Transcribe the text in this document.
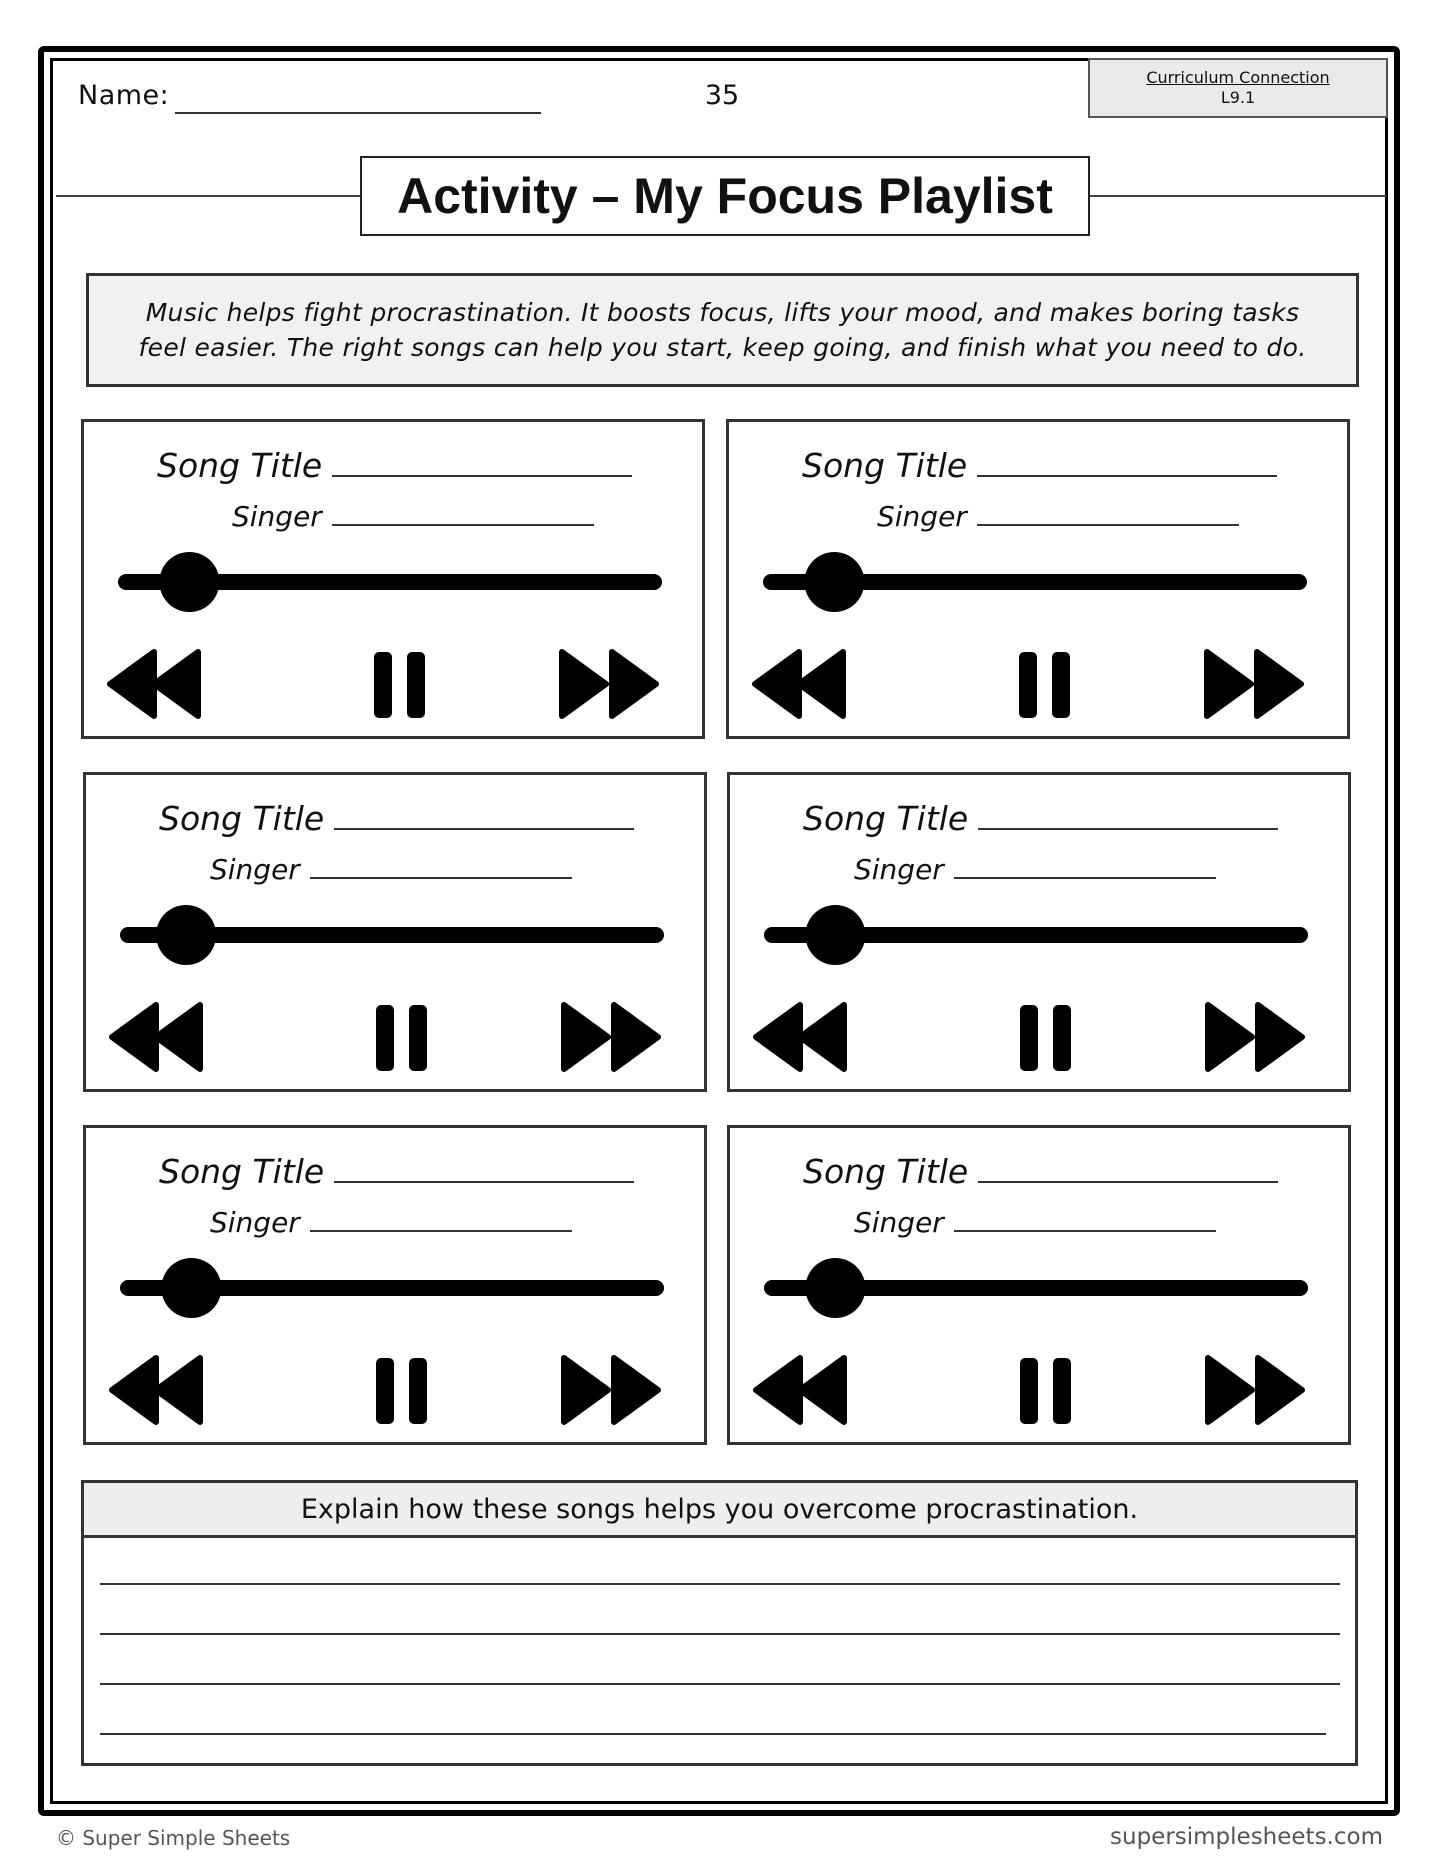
Name:	35
Curriculum Connection
L9.1
Activity – My Focus Playlist
Music helps fight procrastination. It boosts focus, lifts your mood, and makes boring tasks feel easier. The right songs can help you start, keep going, and finish what you need to do.
Song Title
Singer
Song Title
Singer
Song Title
Singer
Song Title
Singer
Song Title
Singer
Song Title
Singer
Explain how these songs helps you overcome procrastination.
© Super Simple Sheets	supersimplesheets.com
